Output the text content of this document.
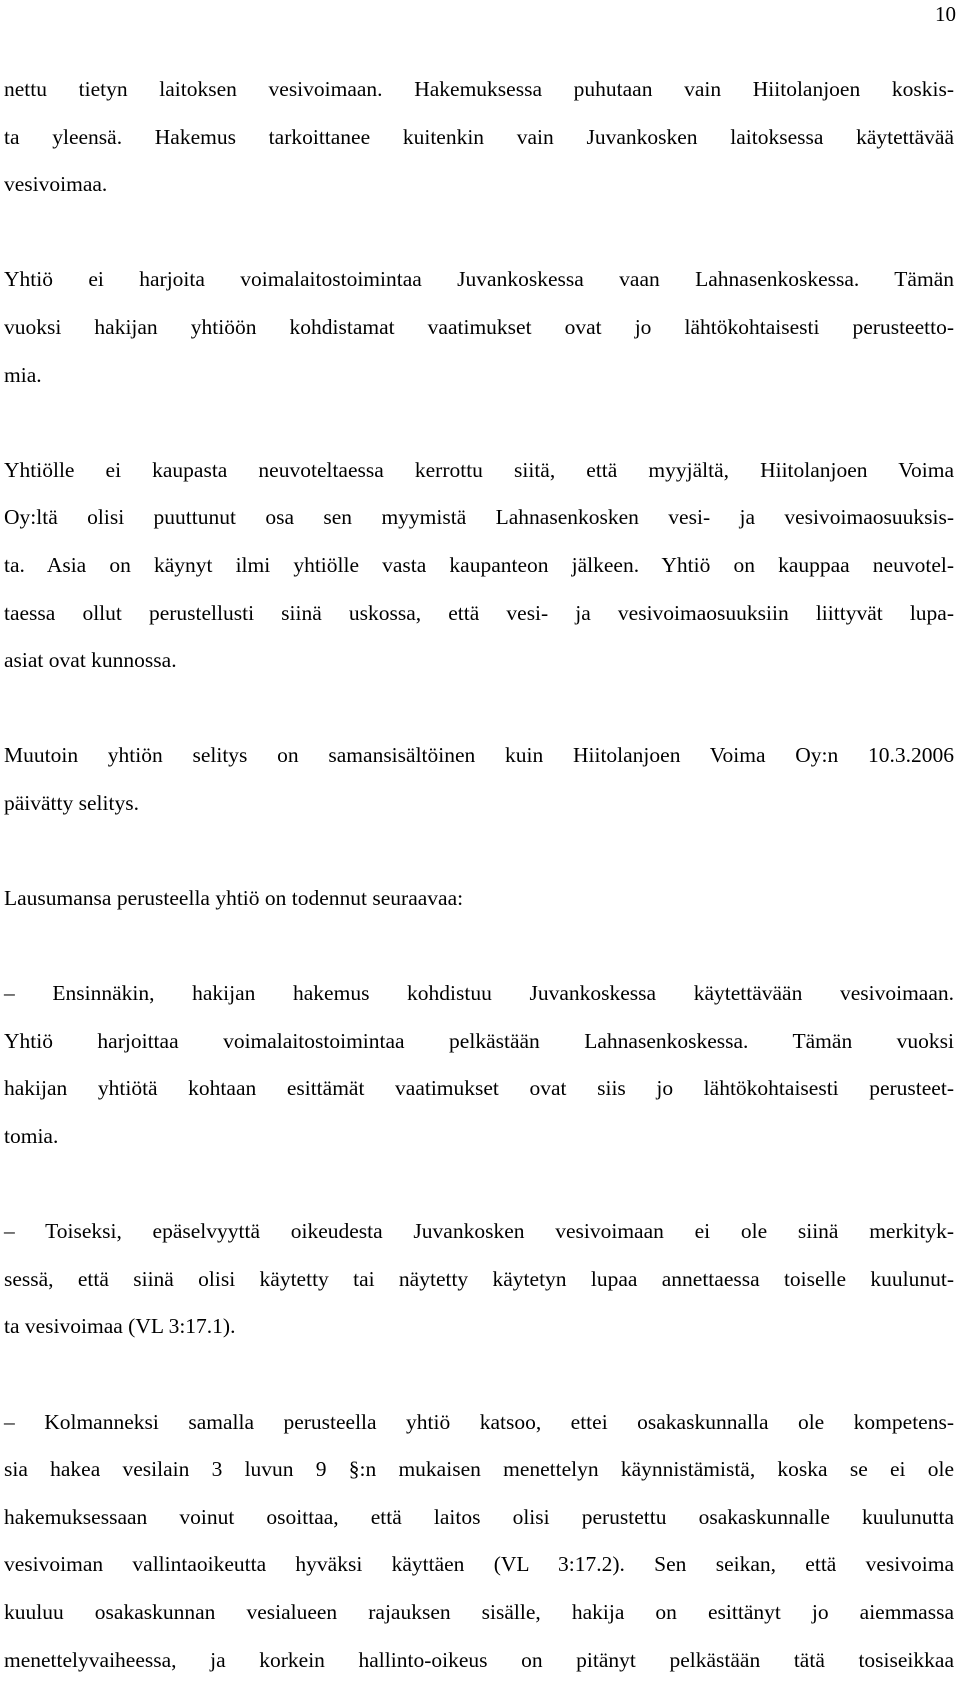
10

nettu tietyn laitoksen vesivoimaan. Hakemuksessa puhutaan vain Hiitolanjoen koskis-
ta yleensä. Hakemus tarkoittanee kuitenkin vain Juvankosken laitoksessa käytettävää
vesivoimaa.

Yhtiö ei harjoita voimalaitostoimintaa Juvankoskessa vaan Lahnasenkoskessa. Tämän
vuoksi hakijan yhtiöön kohdistamat vaatimukset ovat jo lähtökohtaisesti perusteetto-
mia.

Yhtiölle ei kaupasta neuvoteltaessa kerrottu siitä, että myyjältä, Hiitolanjoen Voima
Oy:ltä olisi puuttunut osa sen myymistä Lahnasenkosken vesi- ja vesivoimaosuuksis-
ta. Asia on käynyt ilmi yhtiölle vasta kaupanteon jälkeen. Yhtiö on kauppaa neuvotel-
taessa ollut perustellusti siinä uskossa, että vesi- ja vesivoimaosuuksiin liittyvät lupa-
asiat ovat kunnossa.

Muutoin yhtiön selitys on samansisältöinen kuin Hiitolanjoen Voima Oy:n 10.3.2006
päivätty selitys.

Lausumansa perusteella yhtiö on todennut seuraavaa:

– Ensinnäkin, hakijan hakemus kohdistuu Juvankoskessa käytettävään vesivoimaan.
Yhtiö harjoittaa voimalaitostoimintaa pelkästään Lahnasenkoskessa. Tämän vuoksi
hakijan yhtiötä kohtaan esittämät vaatimukset ovat siis jo lähtökohtaisesti perusteet-
tomia.

– Toiseksi, epäselvyyttä oikeudesta Juvankosken vesivoimaan ei ole siinä merkityk-
sessä, että siinä olisi käytetty tai näytetty käytetyn lupaa annettaessa toiselle kuulunut-
ta vesivoimaa (VL 3:17.1).

– Kolmanneksi samalla perusteella yhtiö katsoo, ettei osakaskunnalla ole kompetens-
sia hakea vesilain 3 luvun 9 §:n mukaisen menettelyn käynnistämistä, koska se ei ole
hakemuksessaan voinut osoittaa, että laitos olisi perustettu osakaskunnalle kuulunutta
vesivoiman vallintaoikeutta hyväksi käyttäen (VL 3:17.2). Sen seikan, että vesivoima
kuuluu osakaskunnan vesialueen rajauksen sisälle, hakija on esittänyt jo aiemmassa
menettelyvaiheessa, ja korkein hallinto-oikeus on pitänyt pelkästään tätä tosiseikkaa
